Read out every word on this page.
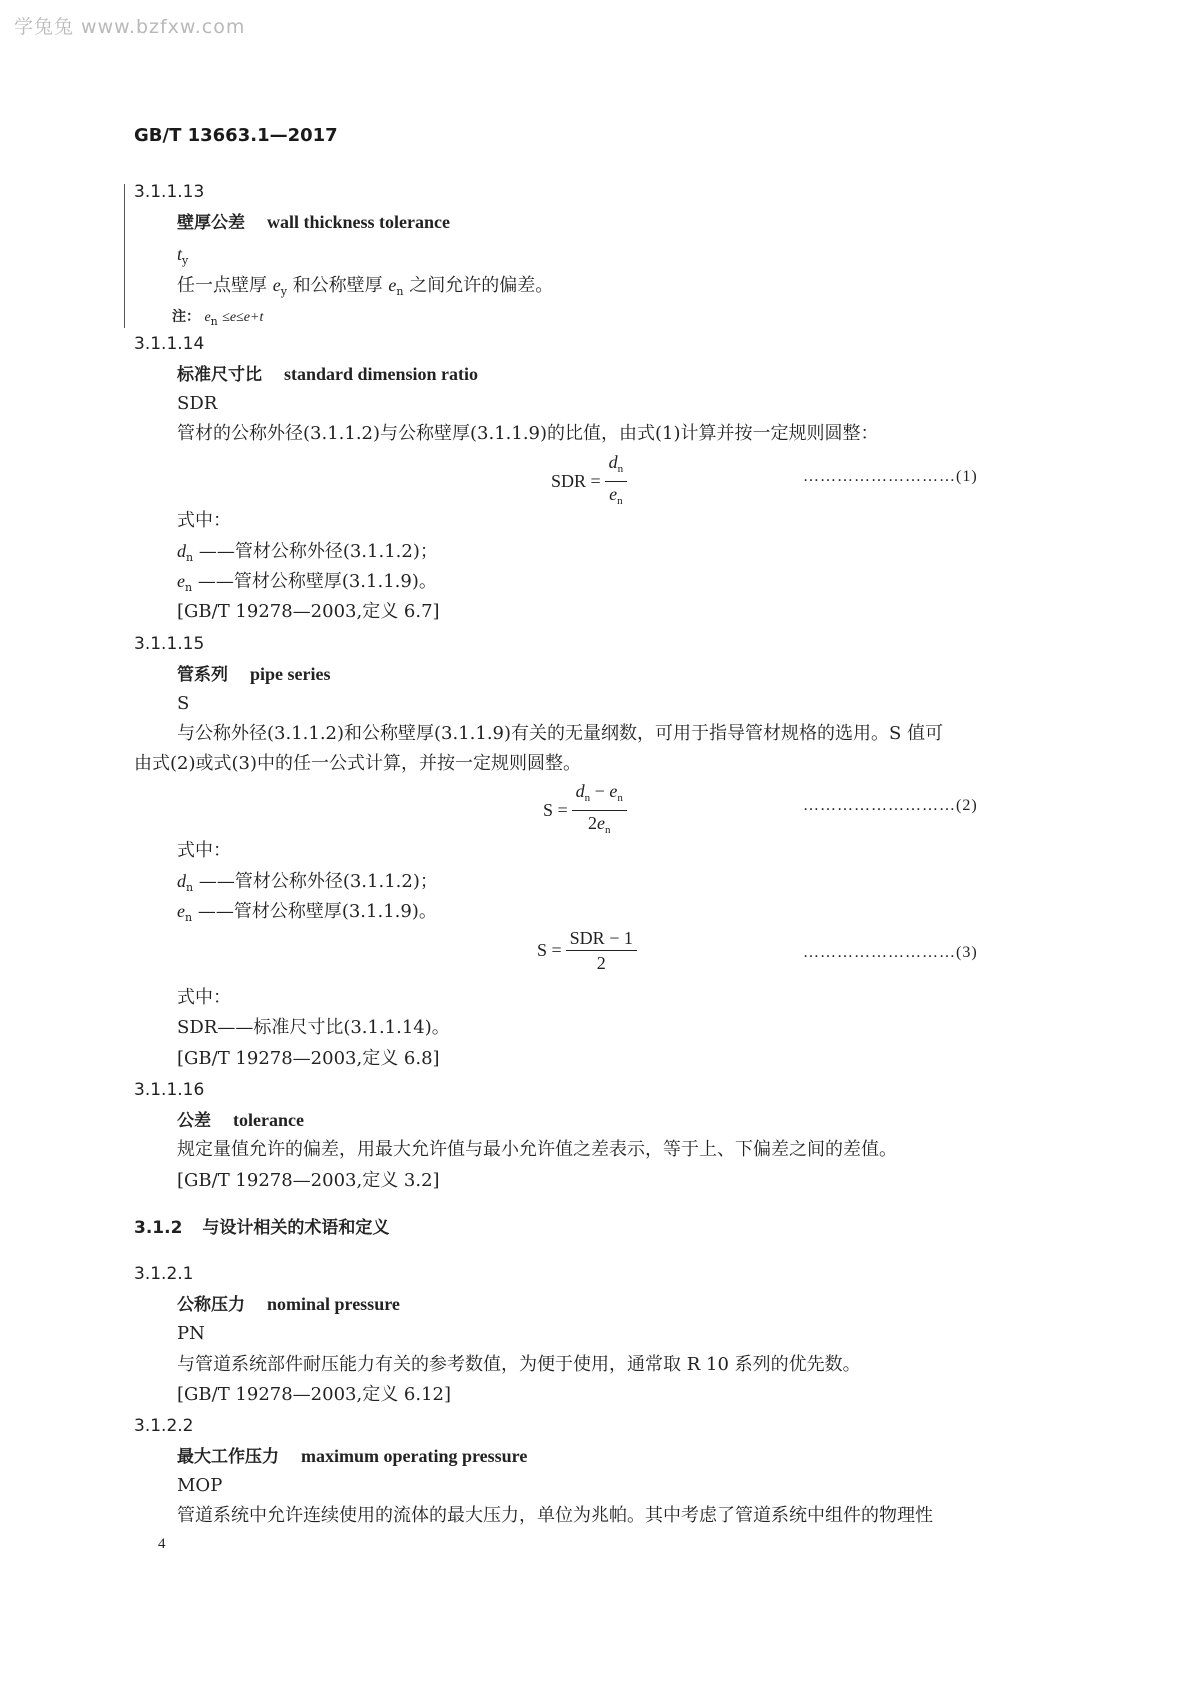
学兔兔 www.bzfxw.com
GB/T 13663.1—2017
3.1.1.13
壁厚公差 wall thickness tolerance
$t_y$
任一点壁厚 $e_y$ 和公称壁厚 $e_n$ 之间允许的偏差。
注： $e_n \le e\le e+t$
3.1.1.14
标准尺寸比 standard dimension ratio
SDR
管材的公称外径(3.1.1.2)与公称壁厚(3.1.1.9)的比值，由式(1)计算并按一定规则圆整：
SDR = $\frac{d_n}{e_n}$	………………………(1)
式中：
$d_n$ ——管材公称外径(3.1.1.2)；
$e_n$ ——管材公称壁厚(3.1.1.9)。
[GB/T 19278—2003,定义 6.7]
3.1.1.15
管系列 pipe series
S
与公称外径(3.1.1.2)和公称壁厚(3.1.1.9)有关的无量纲数，可用于指导管材规格的选用。S 值可
由式(2)或式(3)中的任一公式计算，并按一定规则圆整。
$S = \frac{d_n - e_n}{2e_n}$	………………………(2)
式中：
$d_n$ ——管材公称外径(3.1.1.2)；
$e_n$ ——管材公称壁厚(3.1.1.9)。
$S = \frac{\text{SDR − 1}}{2}$	………………………(3)
式中：
SDR——标准尺寸比(3.1.1.14)。
[GB/T 19278—2003,定义 6.8]
3.1.1.16
公差 tolerance
规定量值允许的偏差，用最大允许值与最小允许值之差表示，等于上、下偏差之间的差值。
[GB/T 19278—2003,定义 3.2]
3.1.2 与设计相关的术语和定义
3.1.2.1
公称压力 nominal pressure
PN
与管道系统部件耐压能力有关的参考数值，为便于使用，通常取 R 10 系列的优先数。
[GB/T 19278—2003,定义 6.12]
3.1.2.2
最大工作压力 maximum operating pressure
MOP
管道系统中允许连续使用的流体的最大压力，单位为兆帕。其中考虑了管道系统中组件的物理性
4
